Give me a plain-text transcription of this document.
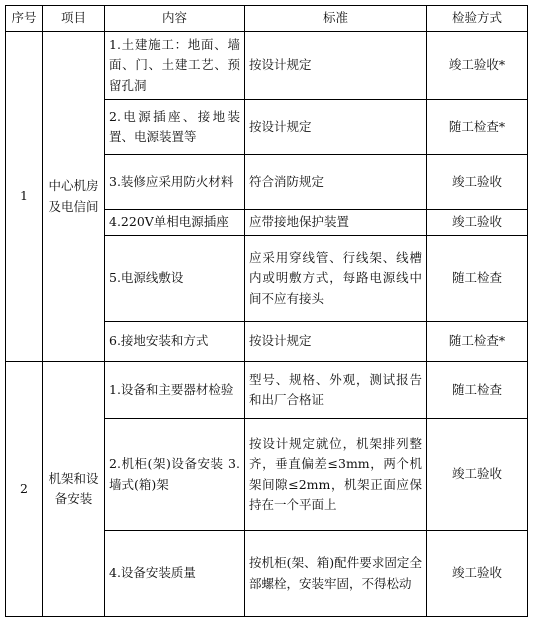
序号	项目	内容	标准	检验方式
1	中心机房及电信间	1.土建施工：地面、墙面、门、土建工艺、预留孔洞	按设计规定	竣工验收*
		2.电源插座、接地装置、电源装置等	按设计规定	随工检查*
		3.装修应采用防火材料	符合消防规定	竣工验收
		4.220V单相电源插座	应带接地保护装置	竣工验收
		5.电源线敷设	应采用穿线管、行线架、线槽内或明敷方式，每路电源线中间不应有接头	随工检查
		6.接地安装和方式	按设计规定	随工检查*
2	机架和设备安装	1.设备和主要器材检验	型号、规格、外观，测试报告和出厂合格证	随工检查
		2.机柜(架)设备安装 3.墙式(箱)架	按设计规定就位，机架排列整齐，垂直偏差≤3mm，两个机架间隙≤2mm，机架正面应保持在一个平面上	竣工验收
		4.设备安装质量	按机柜(架、箱)配件要求固定全部螺栓，安装牢固，不得松动	竣工验收
